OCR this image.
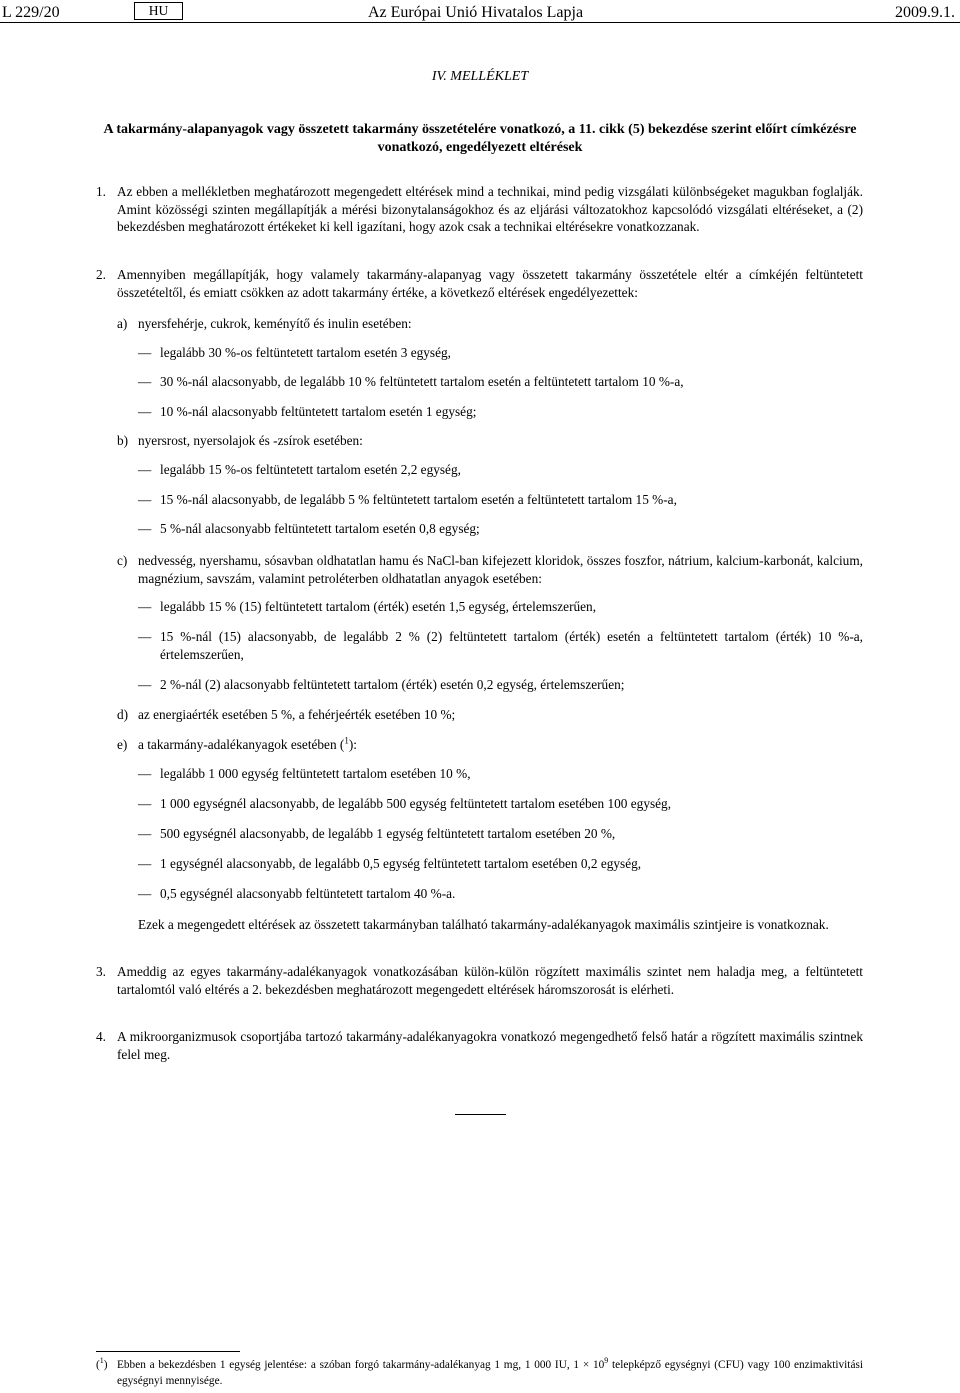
L 229/20	HU	Az Európai Unió Hivatalos Lapja	2009.9.1.
IV. MELLÉKLET
A takarmány-alapanyagok vagy összetett takarmány összetételére vonatkozó, a 11. cikk (5) bekezdése szerint előírt címkézésre vonatkozó, engedélyezett eltérések
1. Az ebben a mellékletben meghatározott megengedett eltérések mind a technikai, mind pedig vizsgálati különbségeket magukban foglalják. Amint közösségi szinten megállapítják a mérési bizonytalanságokhoz és az eljárási változatokhoz kapcsolódó vizsgálati eltéréseket, a (2) bekezdésben meghatározott értékeket ki kell igazítani, hogy azok csak a technikai eltérésekre vonatkozzanak.
2. Amennyiben megállapítják, hogy valamely takarmány-alapanyag vagy összetett takarmány összetétele eltér a címkéjén feltüntetett összetételtől, és emiatt csökken az adott takarmány értéke, a következő eltérések engedélyezettek:
a) nyersfehérje, cukrok, keményítő és inulin esetében:
— legalább 30 %-os feltüntetett tartalom esetén 3 egység,
— 30 %-nál alacsonyabb, de legalább 10 % feltüntetett tartalom esetén a feltüntetett tartalom 10 %-a,
— 10 %-nál alacsonyabb feltüntetett tartalom esetén 1 egység;
b) nyersrost, nyersolajok és -zsírok esetében:
— legalább 15 %-os feltüntetett tartalom esetén 2,2 egység,
— 15 %-nál alacsonyabb, de legalább 5 % feltüntetett tartalom esetén a feltüntetett tartalom 15 %-a,
— 5 %-nál alacsonyabb feltüntetett tartalom esetén 0,8 egység;
c) nedvesség, nyershamu, sósavban oldhatatlan hamu és NaCl-ban kifejezett kloridok, összes foszfor, nátrium, kalcium-karbonát, kalcium, magnézium, savszám, valamint petroléterben oldhatatlan anyagok esetében:
— legalább 15 % (15) feltüntetett tartalom (érték) esetén 1,5 egység, értelemszerűen,
— 15 %-nál (15) alacsonyabb, de legalább 2 % (2) feltüntetett tartalom (érték) esetén a feltüntetett tartalom (érték) 10 %-a, értelemszerűen,
— 2 %-nál (2) alacsonyabb feltüntetett tartalom (érték) esetén 0,2 egység, értelemszerűen;
d) az energiaérték esetében 5 %, a fehérjeérték esetében 10 %;
e) a takarmány-adalékanyagok esetében ($^1$):
— legalább 1 000 egység feltüntetett tartalom esetében 10 %,
— 1 000 egységnél alacsonyabb, de legalább 500 egység feltüntetett tartalom esetében 100 egység,
— 500 egységnél alacsonyabb, de legalább 1 egység feltüntetett tartalom esetében 20 %,
— 1 egységnél alacsonyabb, de legalább 0,5 egység feltüntetett tartalom esetében 0,2 egység,
— 0,5 egységnél alacsonyabb feltüntetett tartalom 40 %-a.
Ezek a megengedett eltérések az összetett takarmányban található takarmány-adalékanyagok maximális szintjeire is vonatkoznak.
3. Ameddig az egyes takarmány-adalékanyagok vonatkozásában külön-külön rögzített maximális szintet nem haladja meg, a feltüntetett tartalomtól való eltérés a 2. bekezdésben meghatározott megengedett eltérések háromszorosát is elérheti.
4. A mikroorganizmusok csoportjába tartozó takarmány-adalékanyagokra vonatkozó megengedhető felső határ a rögzített maximális szintnek felel meg.
($^1$) Ebben a bekezdésben 1 egység jelentése: a szóban forgó takarmány-adalékanyag 1 mg, 1 000 IU, $1 \times 10^9$ telepképző egységnyi (CFU) vagy 100 enzimaktivitási egységnyi mennyisége.
